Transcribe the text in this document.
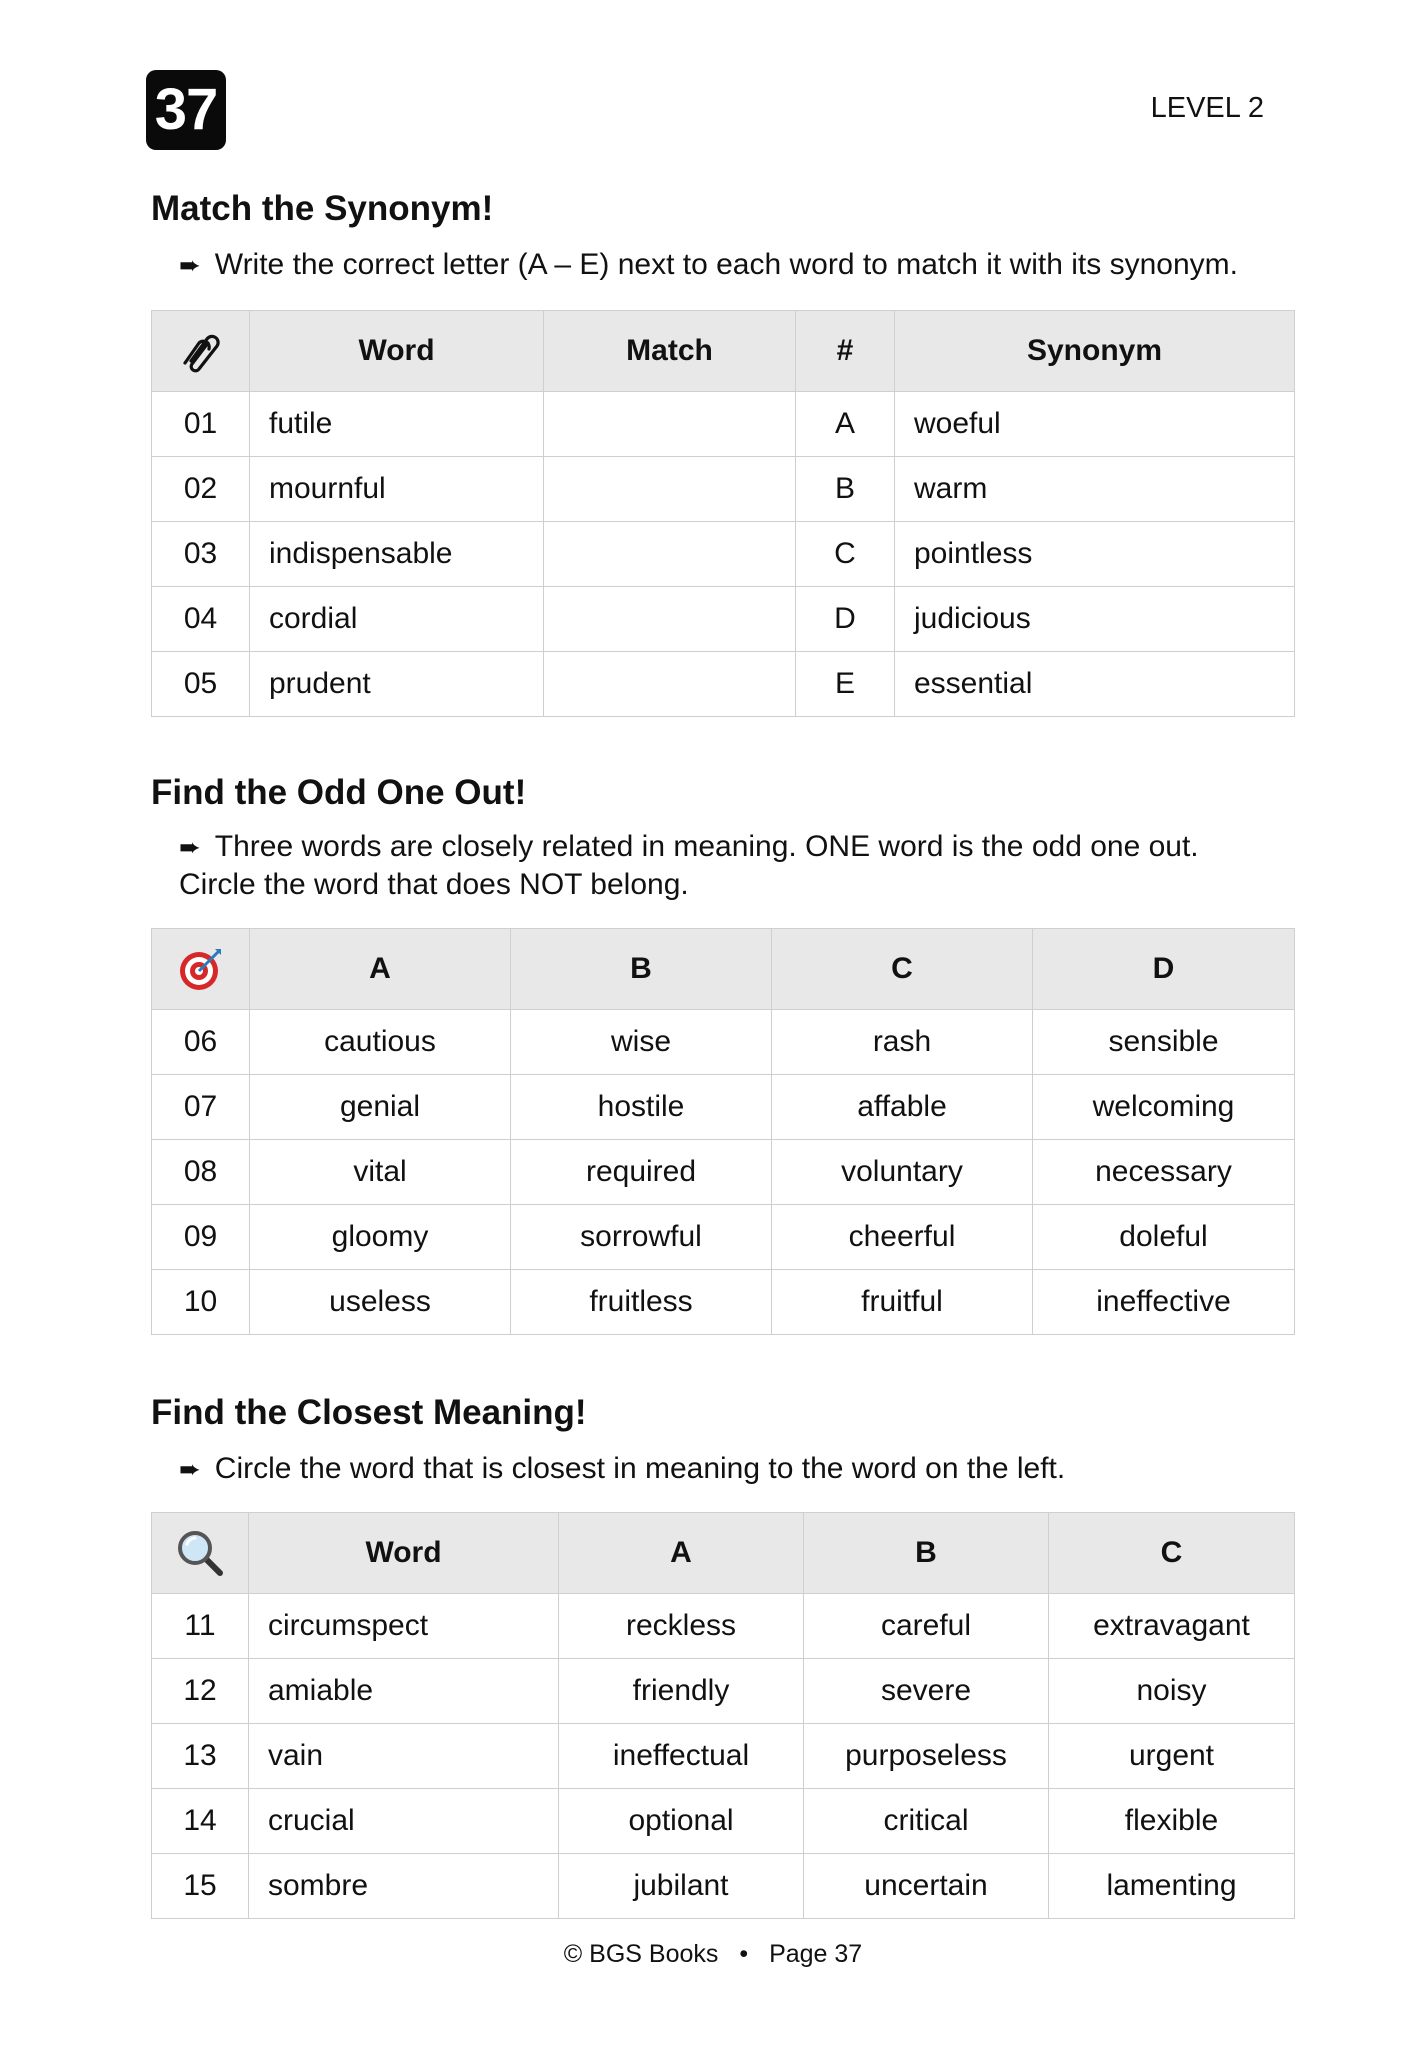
37	LEVEL 2
Match the Synonym!

➨ Write the correct letter (A – E) next to each word to match it with its synonym.

	Word	Match	#	Synonym
01	futile		A	woeful
02	mournful		B	warm
03	indispensable		C	pointless
04	cordial		D	judicious
05	prudent		E	essential
Find the Odd One Out!

➨ Three words are closely related in meaning. ONE word is the odd one out.
Circle the word that does NOT belong.

	A	B	C	D
06	cautious	wise	rash	sensible
07	genial	hostile	affable	welcoming
08	vital	required	voluntary	necessary
09	gloomy	sorrowful	cheerful	doleful
10	useless	fruitless	fruitful	ineffective
Find the Closest Meaning!

➨ Circle the word that is closest in meaning to the word on the left.

	Word	A	B	C
11	circumspect	reckless	careful	extravagant
12	amiable	friendly	severe	noisy
13	vain	ineffectual	purposeless	urgent
14	crucial	optional	critical	flexible
15	sombre	jubilant	uncertain	lamenting
© BGS Books • Page 37
